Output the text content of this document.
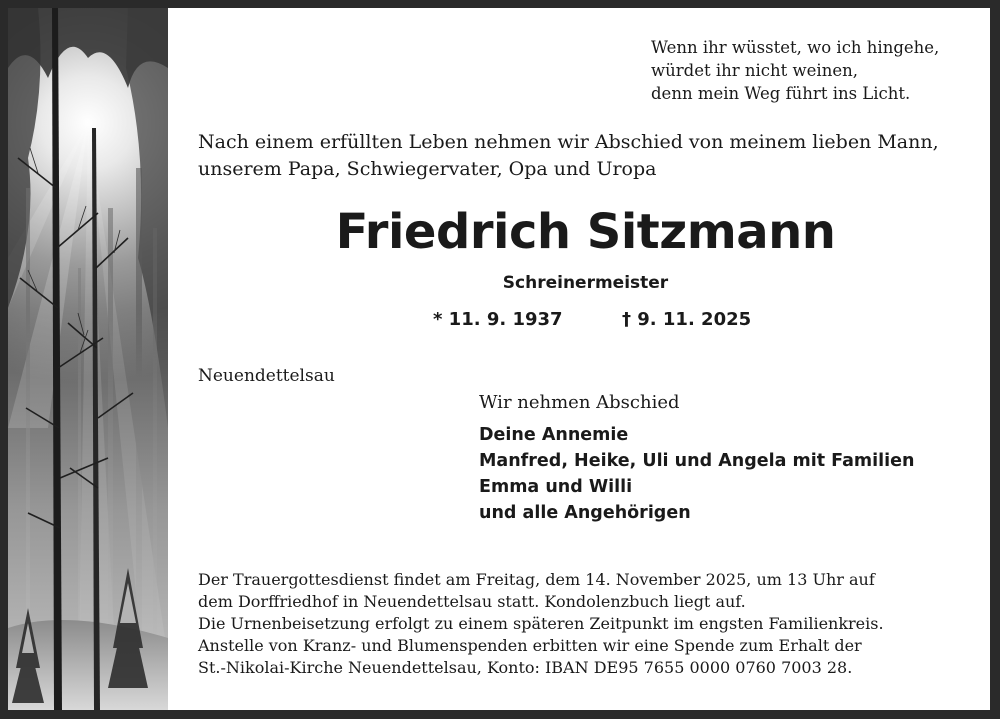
Wenn ihr wüsstet, wo ich hingehe,
würdet ihr nicht weinen,
denn mein Weg führt ins Licht.
Nach einem erfüllten Leben nehmen wir Abschied von meinem lieben Mann,
unserem Papa, Schwiegervater, Opa und Uropa
Friedrich Sitzmann
Schreinermeister
* 11. 9. 1937	† 9. 11. 2025
Neuendettelsau
Wir nehmen Abschied
Deine Annemie
Manfred, Heike, Uli und Angela mit Familien
Emma und Willi
und alle Angehörigen
Der Trauergottesdienst findet am Freitag, dem 14. November 2025, um 13 Uhr auf
dem Dorffriedhof in Neuendettelsau statt. Kondolenzbuch liegt auf.
Die Urnenbeisetzung erfolgt zu einem späteren Zeitpunkt im engsten Familienkreis.
Anstelle von Kranz- und Blumenspenden erbitten wir eine Spende zum Erhalt der
St.-Nikolai-Kirche Neuendettelsau, Konto: IBAN DE95 7655 0000 0760 7003 28.
